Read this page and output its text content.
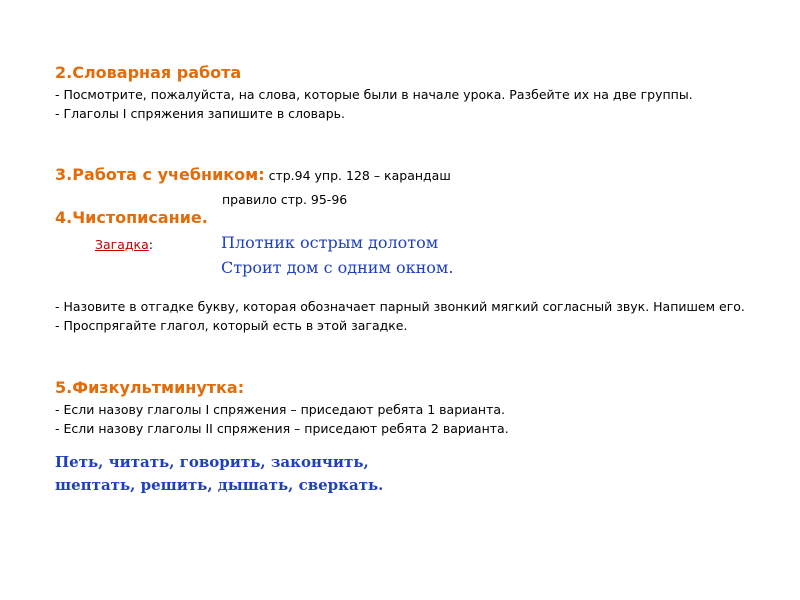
2.Словарная работа
- Посмотрите, пожалуйста, на слова, которые были в начале урока. Разбейте их на две группы.
- Глаголы I спряжения запишите в словарь.
3.Работа с учебником: стр.94 упр. 128 – карандаш
правило стр. 95-96
4.Чистописание.
Загадка:	Плотник острым долотом
Строит дом с одним окном.
- Назовите в отгадке букву, которая обозначает парный звонкий мягкий согласный звук. Напишем его.
- Проспрягайте глагол, который есть в этой загадке.
5.Физкультминутка:
- Если назову глаголы I спряжения – приседают ребята 1 варианта.
- Если назову глаголы II спряжения – приседают ребята 2 варианта.
Петь, читать, говорить, закончить,
шептать, решить, дышать, сверкать.
